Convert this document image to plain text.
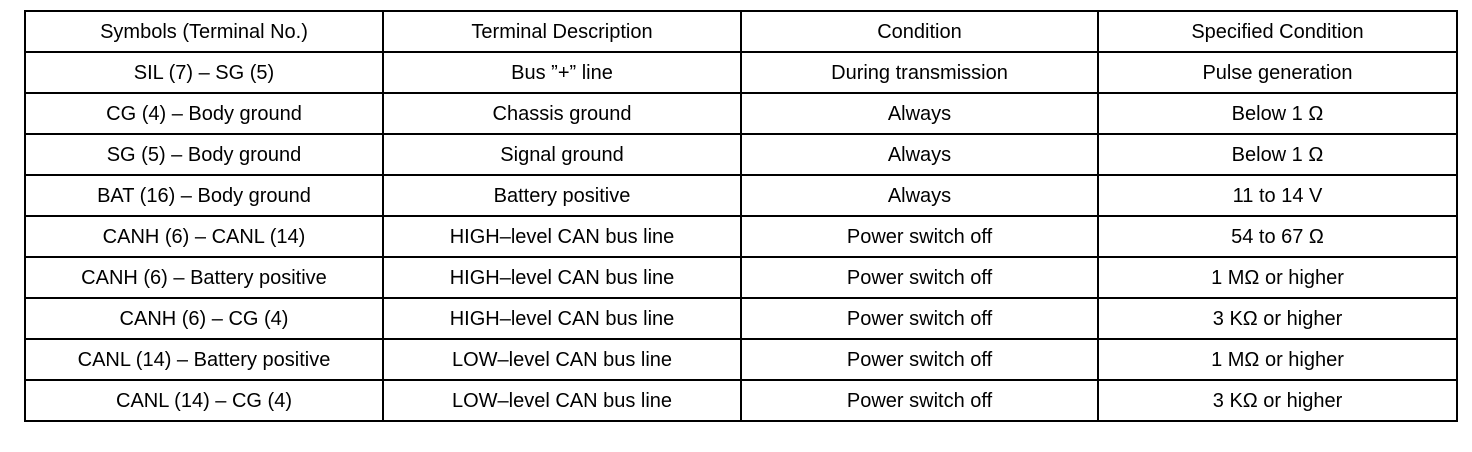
Symbols (Terminal No.)	Terminal Description	Condition	Specified Condition
SIL (7) – SG (5)	Bus ”+” line	During transmission	Pulse generation
CG (4) – Body ground	Chassis ground	Always	Below 1 Ω
SG (5) – Body ground	Signal ground	Always	Below 1 Ω
BAT (16) – Body ground	Battery positive	Always	11 to 14 V
CANH (6) – CANL (14)	HIGH–level CAN bus line	Power switch off	54 to 67 Ω
CANH (6) – Battery positive	HIGH–level CAN bus line	Power switch off	1 MΩ or higher
CANH (6) – CG (4)	HIGH–level CAN bus line	Power switch off	3 KΩ or higher
CANL (14) – Battery positive	LOW–level CAN bus line	Power switch off	1 MΩ or higher
CANL (14) – CG (4)	LOW–level CAN bus line	Power switch off	3 KΩ or higher
